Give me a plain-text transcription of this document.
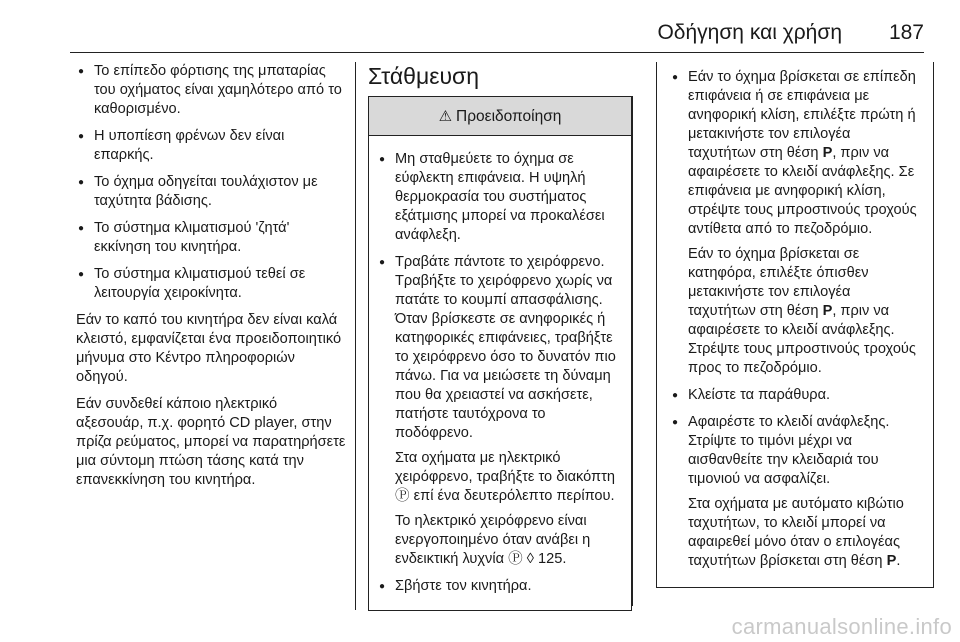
Οδήγηση και χρήση 187
● Το επίπεδο φόρτισης της μπαταρίας του οχήματος είναι χαμηλότερο από το καθορισμένο.
● Η υποπίεση φρένων δεν είναι επαρκής.
● Το όχημα οδηγείται τουλάχιστον με ταχύτητα βάδισης.
● Το σύστημα κλιματισμού 'ζητά' εκκίνηση του κινητήρα.
● Το σύστημα κλιματισμού τεθεί σε λειτουργία χειροκίνητα.
Εάν το καπό του κινητήρα δεν είναι καλά κλειστό, εμφανίζεται ένα προειδοποιητικό μήνυμα στο Κέντρο πληροφοριών οδηγού.
Εάν συνδεθεί κάποιο ηλεκτρικό αξεσουάρ, π.χ. φορητό CD player, στην πρίζα ρεύματος, μπορεί να παρατηρήσετε μια σύντομη πτώση τάσης κατά την επανεκκίνηση του κινητήρα.
Στάθμευση
⚠ Προειδοποίηση
● Μη σταθμεύετε το όχημα σε εύφλεκτη επιφάνεια. Η υψηλή θερμοκρασία του συστήματος εξάτμισης μπορεί να προκαλέσει ανάφλεξη.
● Τραβάτε πάντοτε το χειρόφρενο. Τραβήξτε το χειρόφρενο χωρίς να πατάτε το κουμπί απασφάλισης. Όταν βρίσκεστε σε ανηφορικές ή κατηφορικές επιφάνειες, τραβήξτε το χειρόφρενο όσο το δυνατόν πιο πάνω. Για να μειώσετε τη δύναμη που θα χρειαστεί να ασκήσετε, πατήστε ταυτόχρονα το ποδόφρενο.
Στα οχήματα με ηλεκτρικό χειρόφρενο, τραβήξτε το διακόπτη Ⓟ επί ένα δευτερόλεπτο περίπου.
Το ηλεκτρικό χειρόφρενο είναι ενεργοποιημένο όταν ανάβει η ενδεικτική λυχνία Ⓟ ◊ 125.
● Σβήστε τον κινητήρα.
● Εάν το όχημα βρίσκεται σε επίπεδη επιφάνεια ή σε επιφάνεια με ανηφορική κλίση, επιλέξτε πρώτη ή μετακινήστε τον επιλογέα ταχυτήτων στη θέση P, πριν να αφαιρέσετε το κλειδί ανάφλεξης. Σε επιφάνεια με ανηφορική κλίση, στρέψτε τους μπροστινούς τροχούς αντίθετα από το πεζοδρόμιο.
Εάν το όχημα βρίσκεται σε κατηφόρα, επιλέξτε όπισθεν μετακινήστε τον επιλογέα ταχυτήτων στη θέση P, πριν να αφαιρέσετε το κλειδί ανάφλεξης. Στρέψτε τους μπροστινούς τροχούς προς το πεζοδρόμιο.
● Κλείστε τα παράθυρα.
● Αφαιρέστε το κλειδί ανάφλεξης. Στρίψτε το τιμόνι μέχρι να αισθανθείτε την κλειδαριά του τιμονιού να ασφαλίζει.
Στα οχήματα με αυτόματο κιβώτιο ταχυτήτων, το κλειδί μπορεί να αφαιρεθεί μόνο όταν ο επιλογέας ταχυτήτων βρίσκεται στη θέση P.
carmanualsonline.info
